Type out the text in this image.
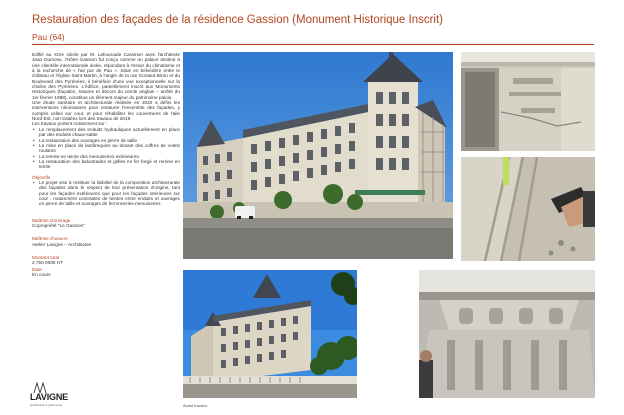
Restauration des façades de la résidence Gassion (Monument Historique Inscrit)
Pau (64)

Edifié au XIXe siècle par M. Lafourcade Caramon avec l'architecte Jean Dumosu, l'Hôtel Gassion fut conçu comme un palace destiné à une clientèle internationale aisée, répondant à l'essor du climatisme et à la recherche de « l'air pur de Pau ». Situé en belvédère entre le château et l'église Saint-Martin, à l'angle de la rue Gontaut-Biron et du Boulevard des Pyrénées, il bénéficie d'une vue exceptionnelle sur la chaîne des Pyrénées. L'édifice, partiellement inscrit aux Monuments Historiques (façades, toitures et décors du cercle anglais – arrêté du 1er février 1988), constitue un élément majeur du patrimoine palois.

Une étude sanitaire et architecturale réalisée en 2020 a défini les interventions nécessaires pour restaurer l'ensemble des façades, y compris celles sur cour, et pour réhabiliter les couvertures de l'aile Nord-Est, non traitées lors des travaux de 2019.

Les travaux portent notamment sur :

• Le remplacement des enduits hydrauliques actuellement en place par des enduits chaux-sable
• La restauration des ouvrages en pierre de taille
• La mise en place de lambrequins au devant des coffres de volets roulants
• La remise en teinte des menuiseries extérieures
• La restauration des balustrades et grilles en fer forgé et remise en teinte
Objectifs
• Le projet vise à restituer la lisibilité de la composition architecturale des façades dans le respect de leur présentation d'origine, tant pour les façades extérieures que pour les façades intérieures sur cour : notamment contrastes de teintes entre enduits et ouvrages en pierre de taille et ouvrages de ferronneries-menuiseries
Maîtrise d'ouvrage
Copropriété "Le Gassion"
Maîtrise d'oeuvre
Atelier Lavigne – Architectes
Montant total
2 750 000€ HT
Date
En cours
LAVIGNE
architectes & patrimoine	Avant travaux
